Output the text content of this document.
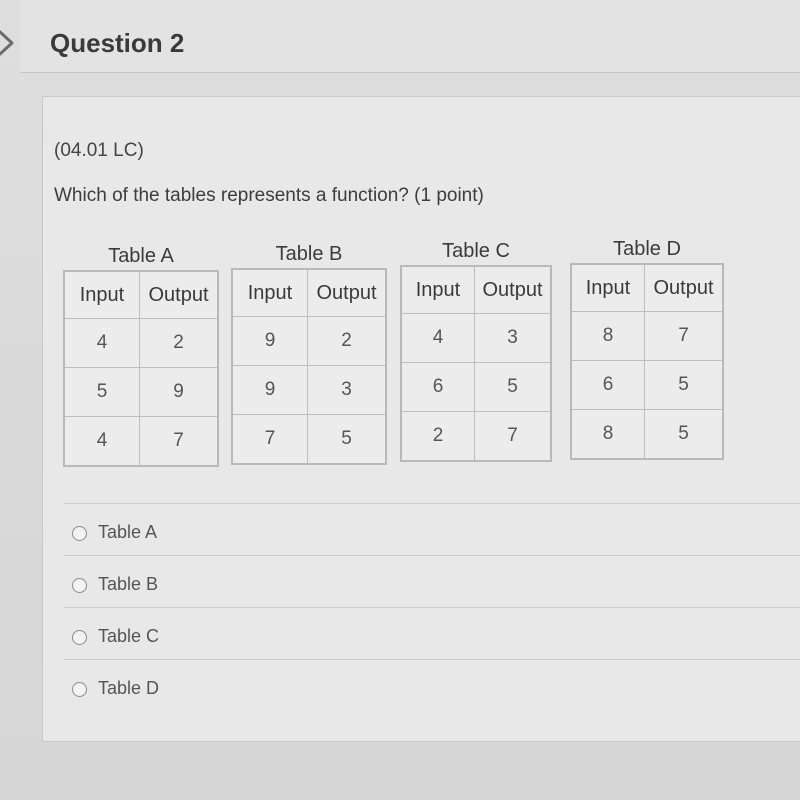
Question 2
(04.01 LC)
Which of the tables represents a function? (1 point)
Table A
Input	Output
4	2
5	9
4	7
Table B
Input	Output
9	2
9	3
7	5
Table C
Input	Output
4	3
6	5
2	7
Table D
Input	Output
8	7
6	5
8	5
Table A
Table B
Table C
Table D
